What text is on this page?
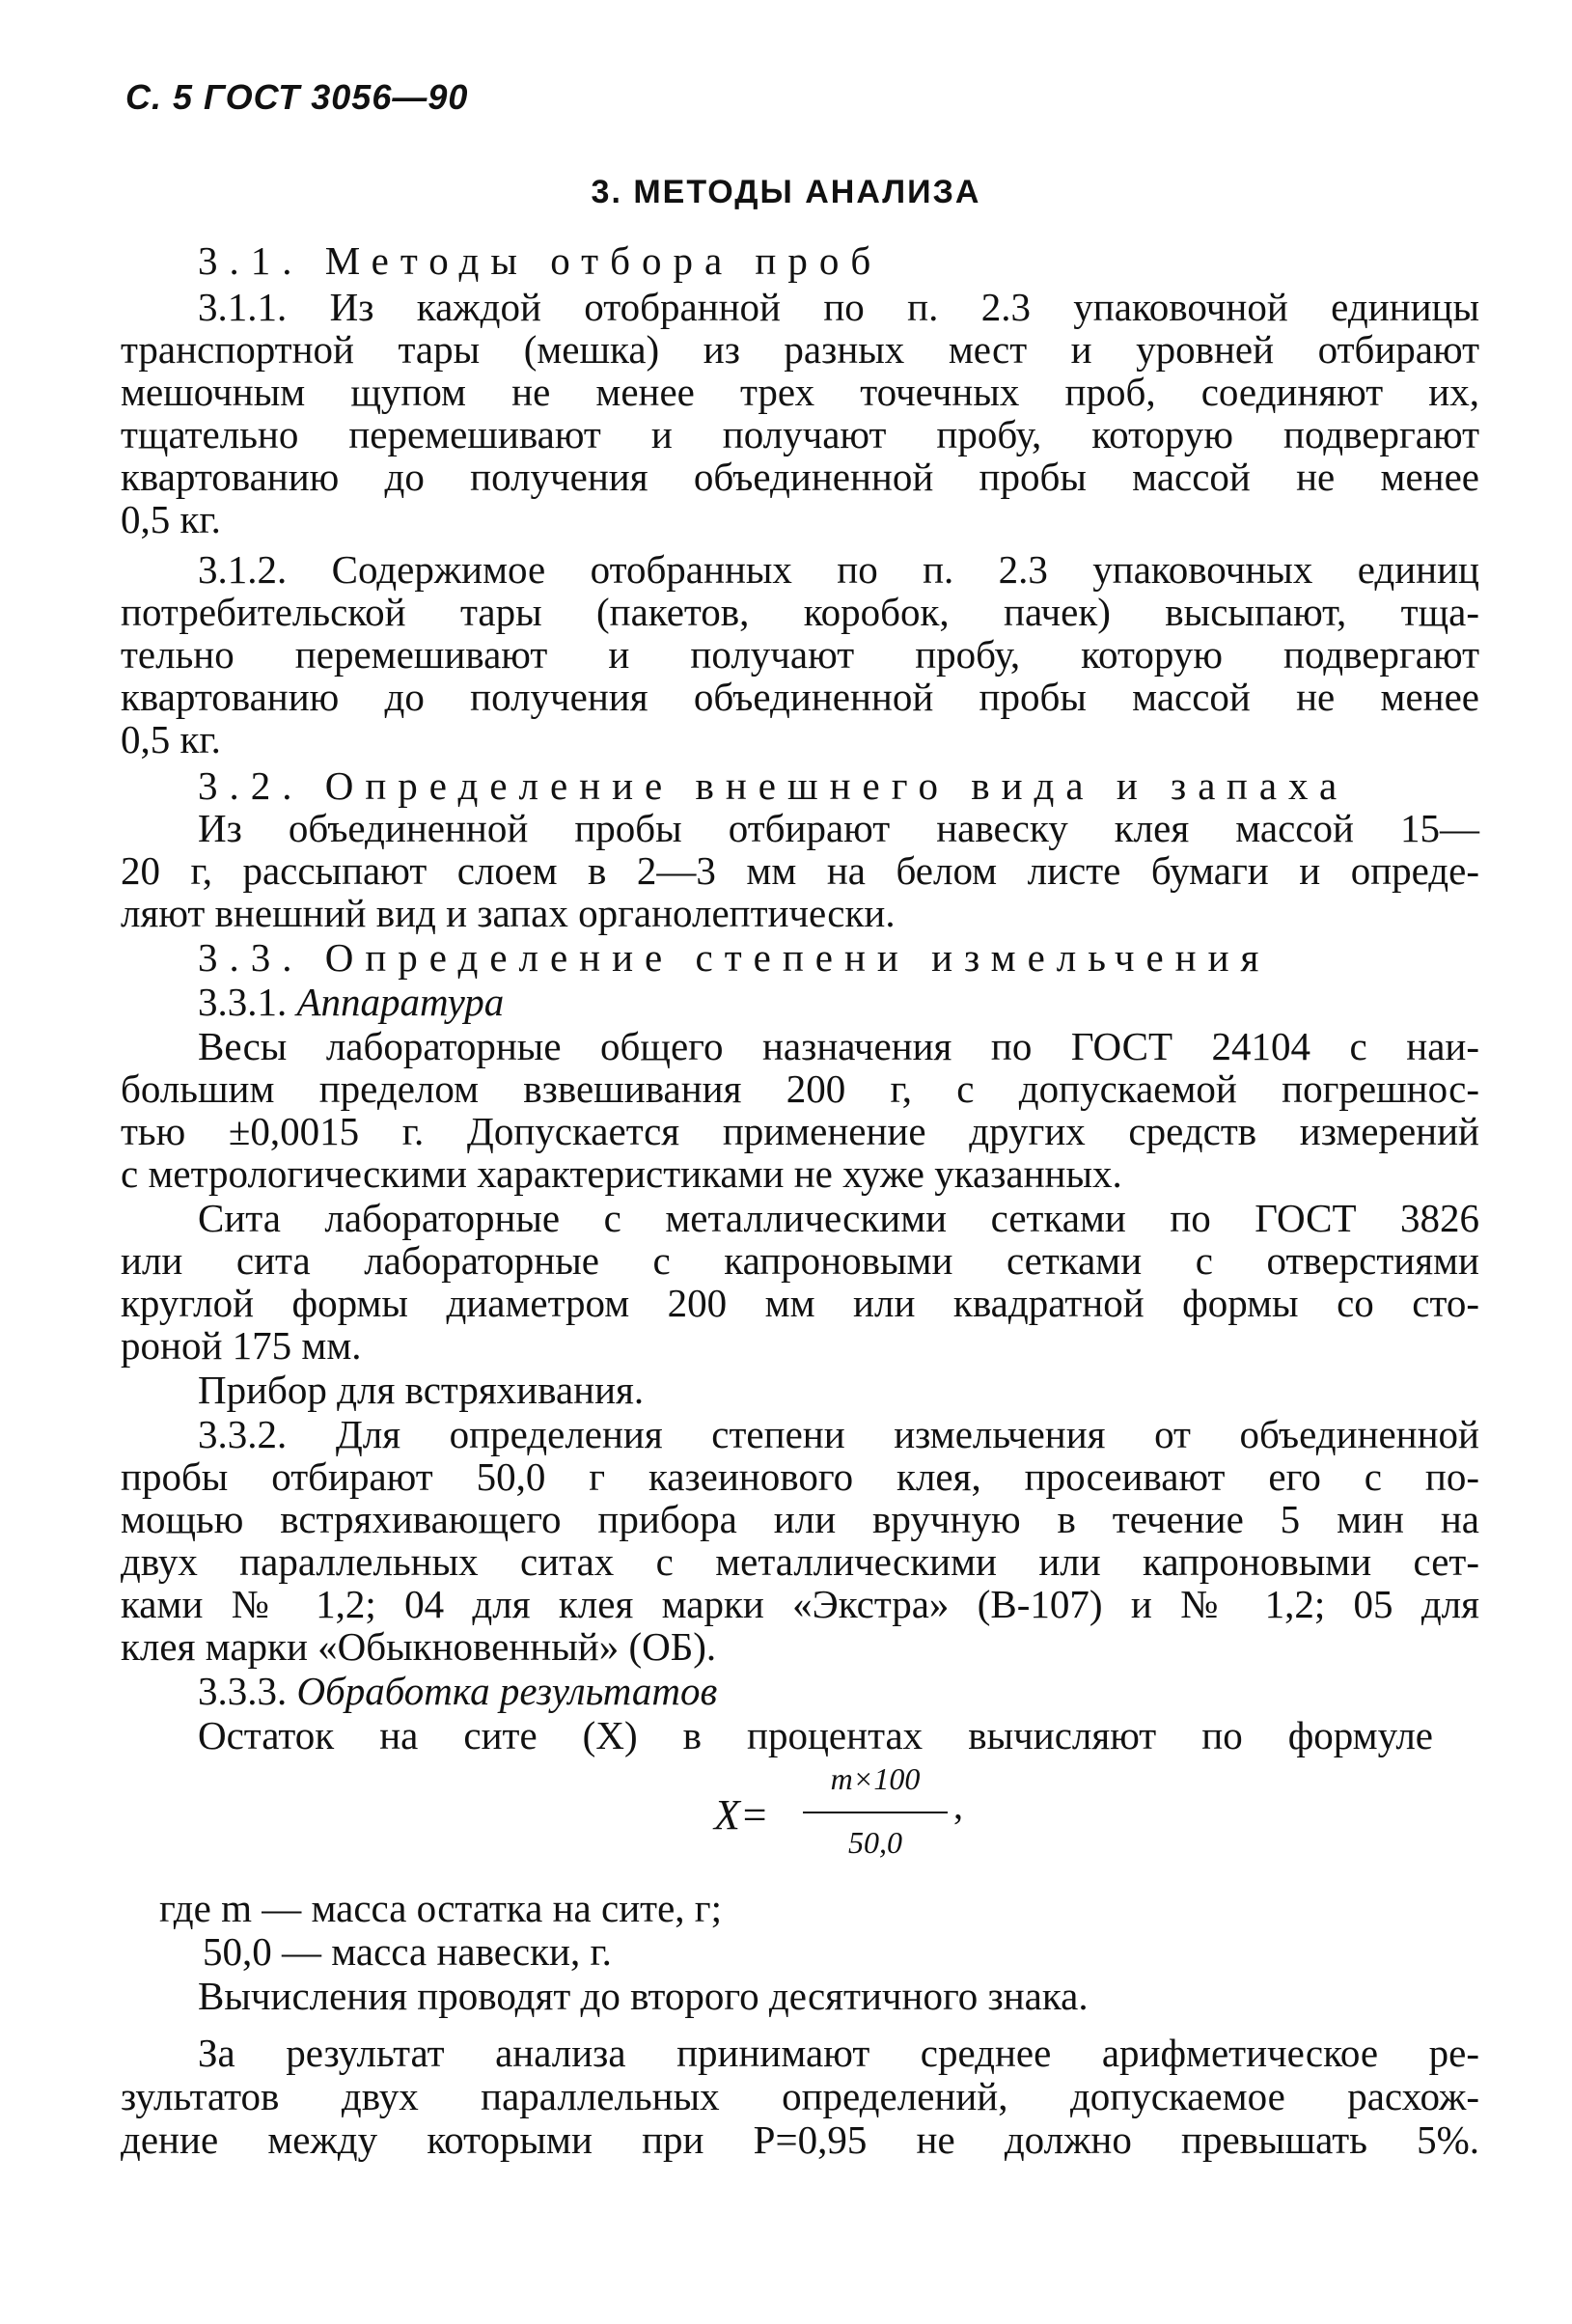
С. 5 ГОСТ 3056—90
3. МЕТОДЫ АНАЛИЗА
3.1. Методы отбора проб
3.1.1. Из каждой отобранной по п. 2.3 упаковочной единицы
транспортной тары (мешка) из разных мест и уровней отбирают
мешочным щупом не менее трех точечных проб, соединяют их,
тщательно перемешивают и получают пробу, которую подвергают
квартованию до получения объединенной пробы массой не менее
0,5 кг.
3.1.2. Содержимое отобранных по п. 2.3 упаковочных единиц
потребительской тары (пакетов, коробок, пачек) высыпают, тща-
тельно перемешивают и получают пробу, которую подвергают
квартованию до получения объединенной пробы массой не менее
0,5 кг.
3.2. Определение внешнего вида и запаха
Из объединенной пробы отбирают навеску клея массой 15—
20 г, рассыпают слоем в 2—3 мм на белом листе бумаги и опреде-
ляют внешний вид и запах органолептически.
3.3. Определение степени измельчения
3.3.1. Аппаратура
Весы лабораторные общего назначения по ГОСТ 24104 с наи-
большим пределом взвешивания 200 г, с допускаемой погрешнос-
тью ±0,0015 г. Допускается применение других средств измерений
с метрологическими характеристиками не хуже указанных.
Сита лабораторные с металлическими сетками по ГОСТ 3826
или сита лабораторные с капроновыми сетками с отверстиями
круглой формы диаметром 200 мм или квадратной формы со сто-
роной 175 мм.
Прибор для встряхивания.
3.3.2. Для определения степени измельчения от объединенной
пробы отбирают 50,0 г казеинового клея, просеивают его с по-
мощью встряхивающего прибора или вручную в течение 5 мин на
двух параллельных ситах с металлическими или капроновыми сет-
ками № 1,2; 04 для клея марки «Экстра» (В-107) и № 1,2; 05 для
клея марки «Обыкновенный» (ОБ).
3.3.3. Обработка результатов
Остаток на сите (X) в процентах вычисляют по формуле
X=
m×100
50,0
,
где m — масса остатка на сите, г;
50,0 — масса навески, г.
Вычисления проводят до второго десятичного знака.
За результат анализа принимают среднее арифметическое ре-
зультатов двух параллельных определений, допускаемое расхож-
дение между которыми при P=0,95 не должно превышать 5%.
